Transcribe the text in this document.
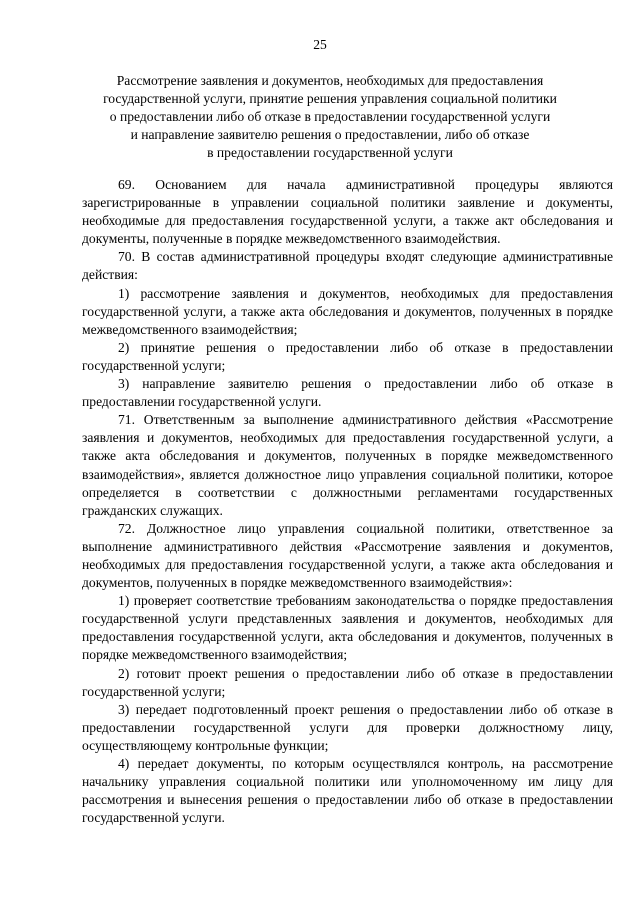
25
Рассмотрение заявления и документов, необходимых для предоставления
государственной услуги, принятие решения управления социальной политики
о предоставлении либо об отказе в предоставлении государственной услуги
и направление заявителю решения о предоставлении, либо об отказе
в предоставлении государственной услуги

69. Основанием для начала административной процедуры являются зарегистрированные в управлении социальной политики заявление и документы, необходимые для предоставления государственной услуги, а также акт обследования и документы, полученные в порядке межведомственного взаимодействия.

70. В состав административной процедуры входят следующие административные действия:

1) рассмотрение заявления и документов, необходимых для предоставления государственной услуги, а также акта обследования и документов, полученных в порядке межведомственного взаимодействия;

2) принятие решения о предоставлении либо об отказе в предоставлении государственной услуги;

3) направление заявителю решения о предоставлении либо об отказе в предоставлении государственной услуги.

71. Ответственным за выполнение административного действия «Рассмотрение заявления и документов, необходимых для предоставления государственной услуги, а также акта обследования и документов, полученных в порядке межведомственного взаимодействия», является должностное лицо управления социальной политики, которое определяется в соответствии с должностными регламентами государственных гражданских служащих.

72. Должностное лицо управления социальной политики, ответственное за выполнение административного действия «Рассмотрение заявления и документов, необходимых для предоставления государственной услуги, а также акта обследования и документов, полученных в порядке межведомственного взаимодействия»:

1) проверяет соответствие требованиям законодательства о порядке предоставления государственной услуги представленных заявления и документов, необходимых для предоставления государственной услуги, акта обследования и документов, полученных в порядке межведомственного взаимодействия;

2) готовит проект решения о предоставлении либо об отказе в предоставлении государственной услуги;

3) передает подготовленный проект решения о предоставлении либо об отказе в предоставлении государственной услуги для проверки должностному лицу, осуществляющему контрольные функции;

4) передает документы, по которым осуществлялся контроль, на рассмотрение начальнику управления социальной политики или уполномоченному им лицу для рассмотрения и вынесения решения о предоставлении либо об отказе в предоставлении государственной услуги.
